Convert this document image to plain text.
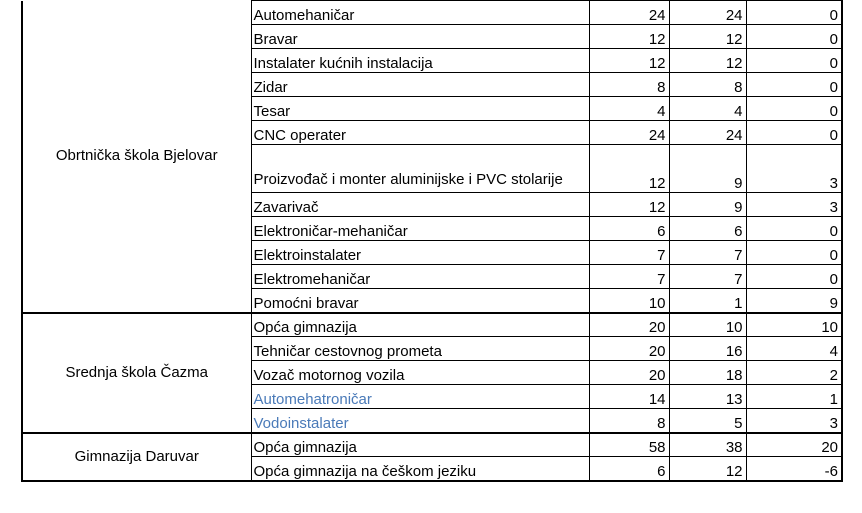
Obrtnička škola Bjelovar	Automehaničar	24	24	0
	Bravar	12	12	0
	Instalater kućnih instalacija	12	12	0
	Zidar	8	8	0
	Tesar	4	4	0
	CNC operater	24	24	0
	Proizvođač i monter aluminijske i PVC stolarije	12	9	3
	Zavarivač	12	9	3
	Elektroničar-mehaničar	6	6	0
	Elektroinstalater	7	7	0
	Elektromehaničar	7	7	0
	Pomoćni bravar	10	1	9

Srednja škola Čazma	Opća gimnazija	20	10	10
	Tehničar cestovnog prometa	20	16	4
	Vozač motornog vozila	20	18	2
	Automehatroničar	14	13	1
	Vodoinstalater	8	5	3
Gimnazija Daruvar	Opća gimnazija	58	38	20
	Opća gimnazija na češkom jeziku	6	12	-6
